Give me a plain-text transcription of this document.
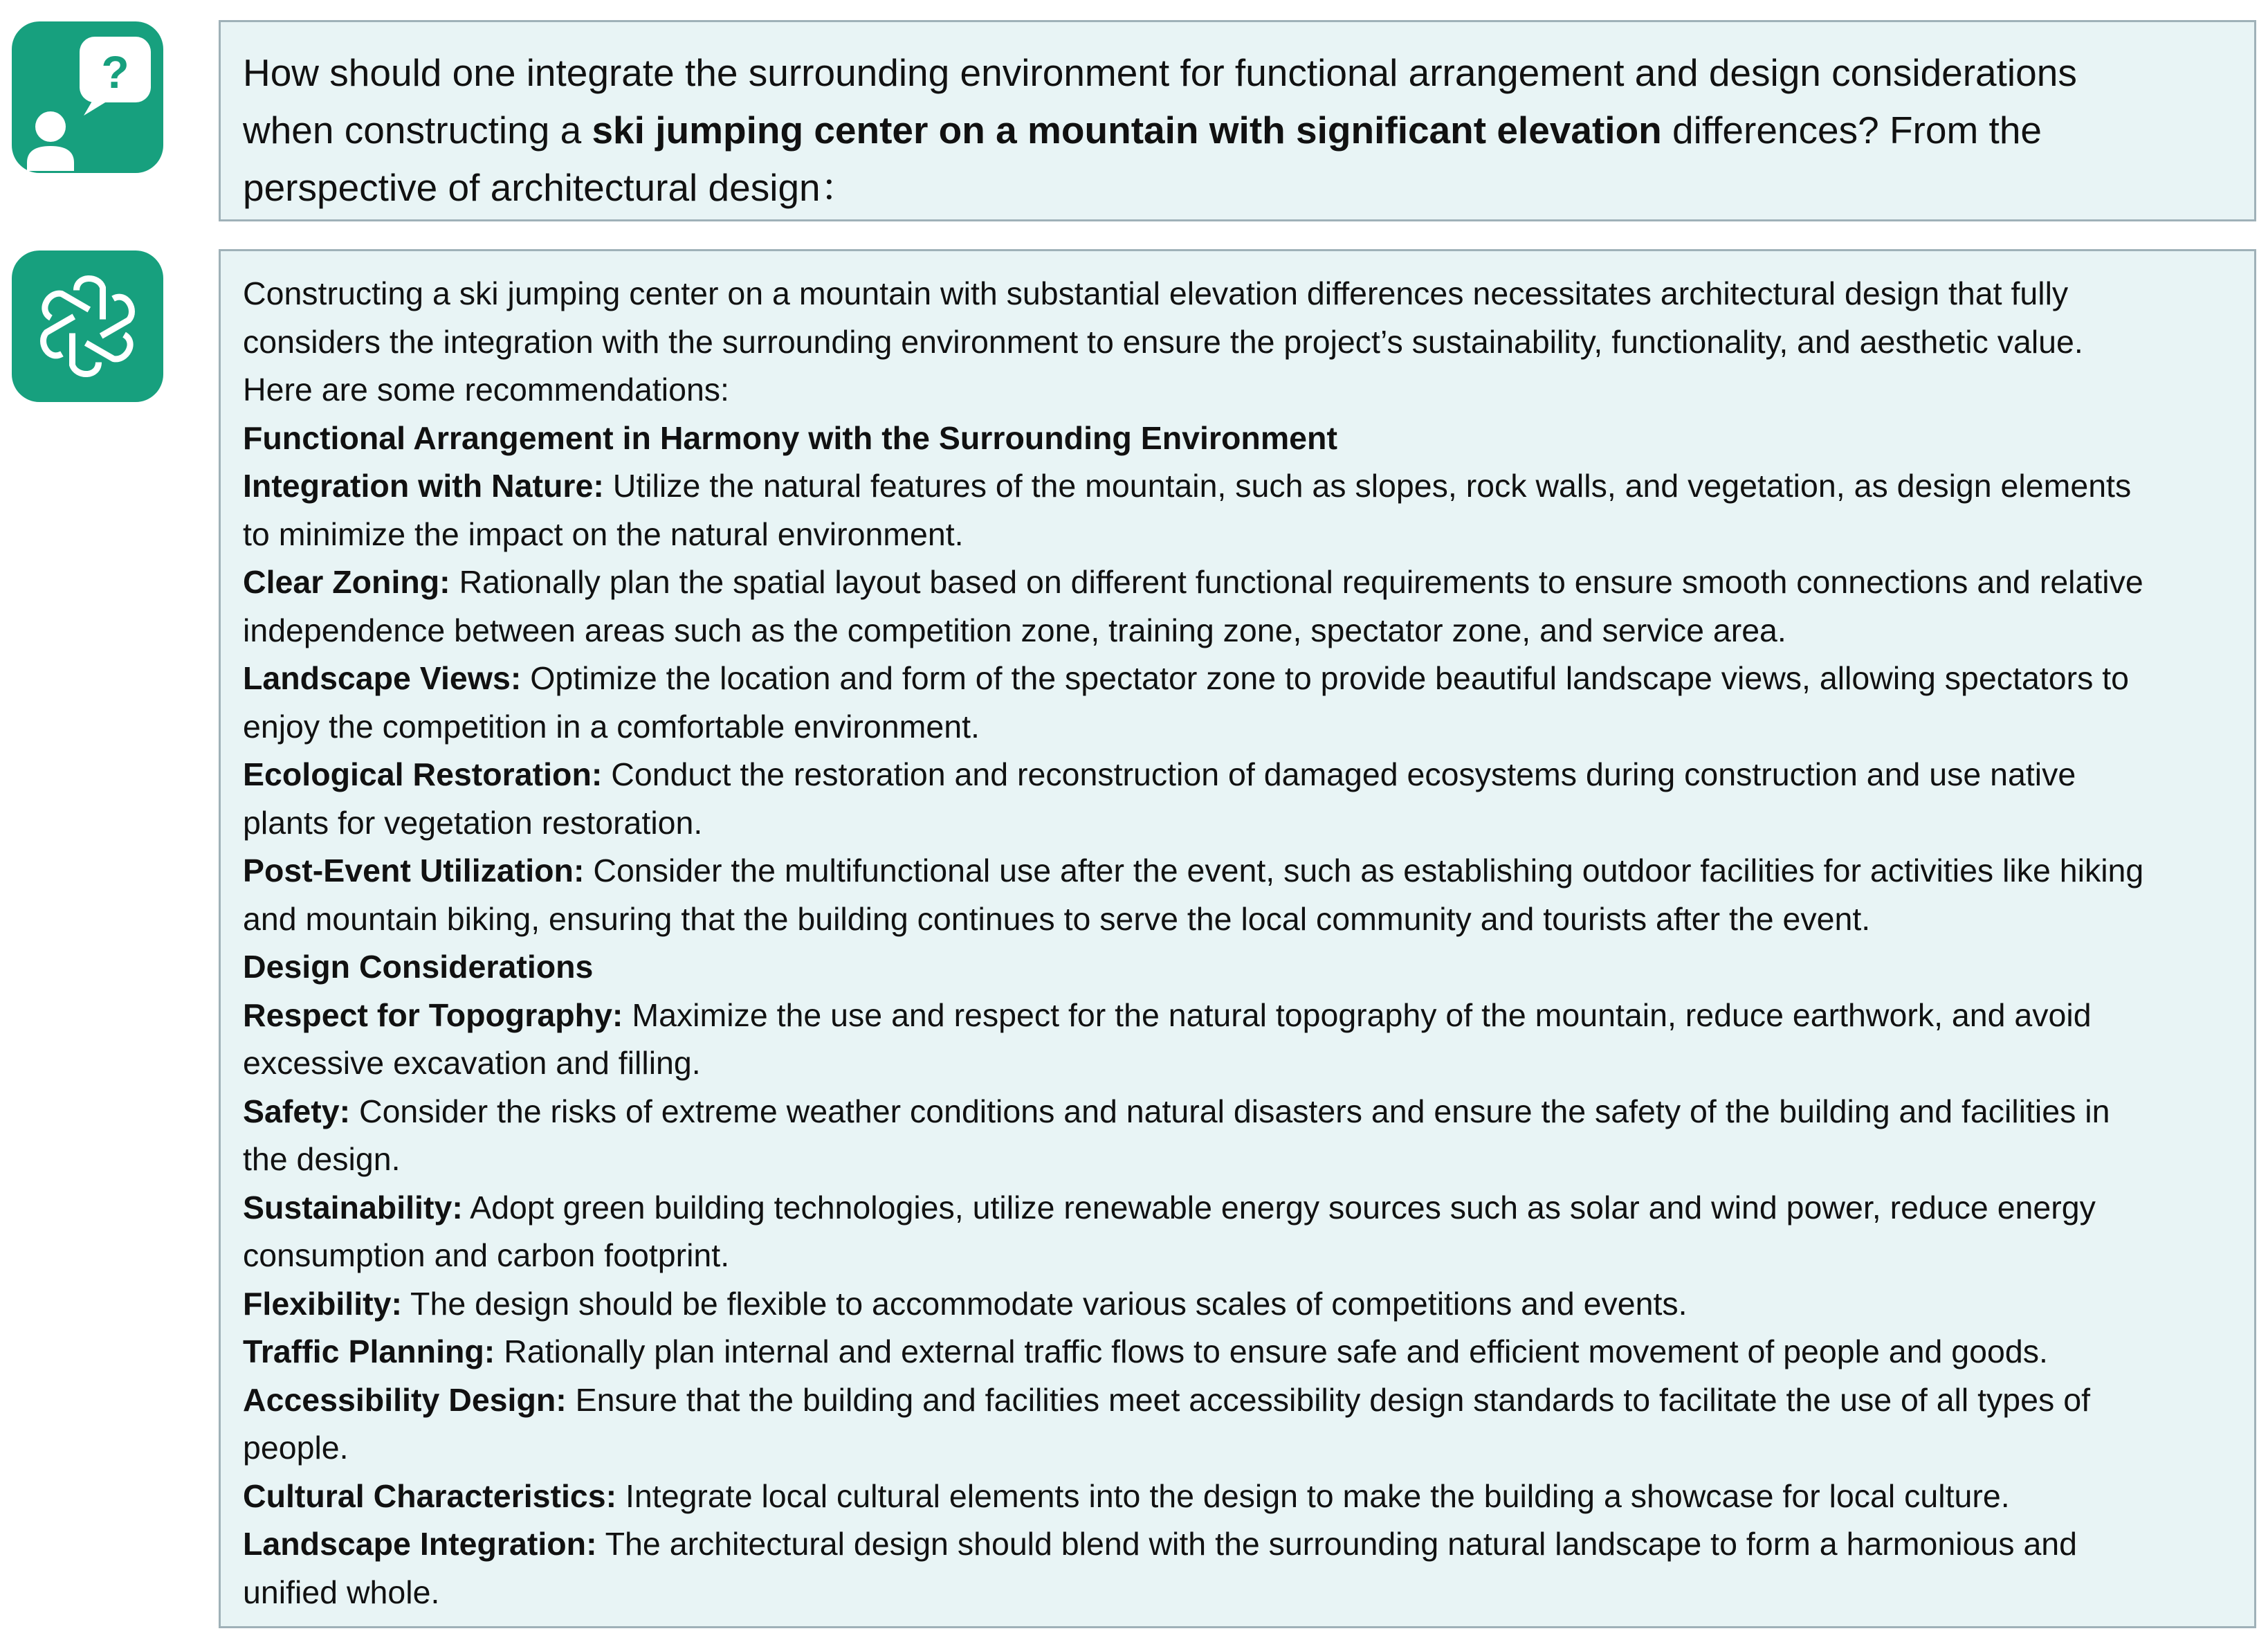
?	How should one integrate the surrounding environment for functional arrangement and design considerations
when constructing a ski jumping center on a mountain with significant elevation differences? From the
perspective of architectural design：
Constructing a ski jumping center on a mountain with substantial elevation differences necessitates architectural design that fully
considers the integration with the surrounding environment to ensure the project’s sustainability, functionality, and aesthetic value.
Here are some recommendations:
Functional Arrangement in Harmony with the Surrounding Environment
Integration with Nature: Utilize the natural features of the mountain, such as slopes, rock walls, and vegetation, as design elements
to minimize the impact on the natural environment.
Clear Zoning: Rationally plan the spatial layout based on different functional requirements to ensure smooth connections and relative
independence between areas such as the competition zone, training zone, spectator zone, and service area.
Landscape Views: Optimize the location and form of the spectator zone to provide beautiful landscape views, allowing spectators to
enjoy the competition in a comfortable environment.
Ecological Restoration: Conduct the restoration and reconstruction of damaged ecosystems during construction and use native
plants for vegetation restoration.
Post-Event Utilization: Consider the multifunctional use after the event, such as establishing outdoor facilities for activities like hiking
and mountain biking, ensuring that the building continues to serve the local community and tourists after the event.
Design Considerations
Respect for Topography: Maximize the use and respect for the natural topography of the mountain, reduce earthwork, and avoid
excessive excavation and filling.
Safety: Consider the risks of extreme weather conditions and natural disasters and ensure the safety of the building and facilities in
the design.
Sustainability: Adopt green building technologies, utilize renewable energy sources such as solar and wind power, reduce energy
consumption and carbon footprint.
Flexibility: The design should be flexible to accommodate various scales of competitions and events.
Traffic Planning: Rationally plan internal and external traffic flows to ensure safe and efficient movement of people and goods.
Accessibility Design: Ensure that the building and facilities meet accessibility design standards to facilitate the use of all types of
people.
Cultural Characteristics: Integrate local cultural elements into the design to make the building a showcase for local culture.
Landscape Integration: The architectural design should blend with the surrounding natural landscape to form a harmonious and
unified whole.
